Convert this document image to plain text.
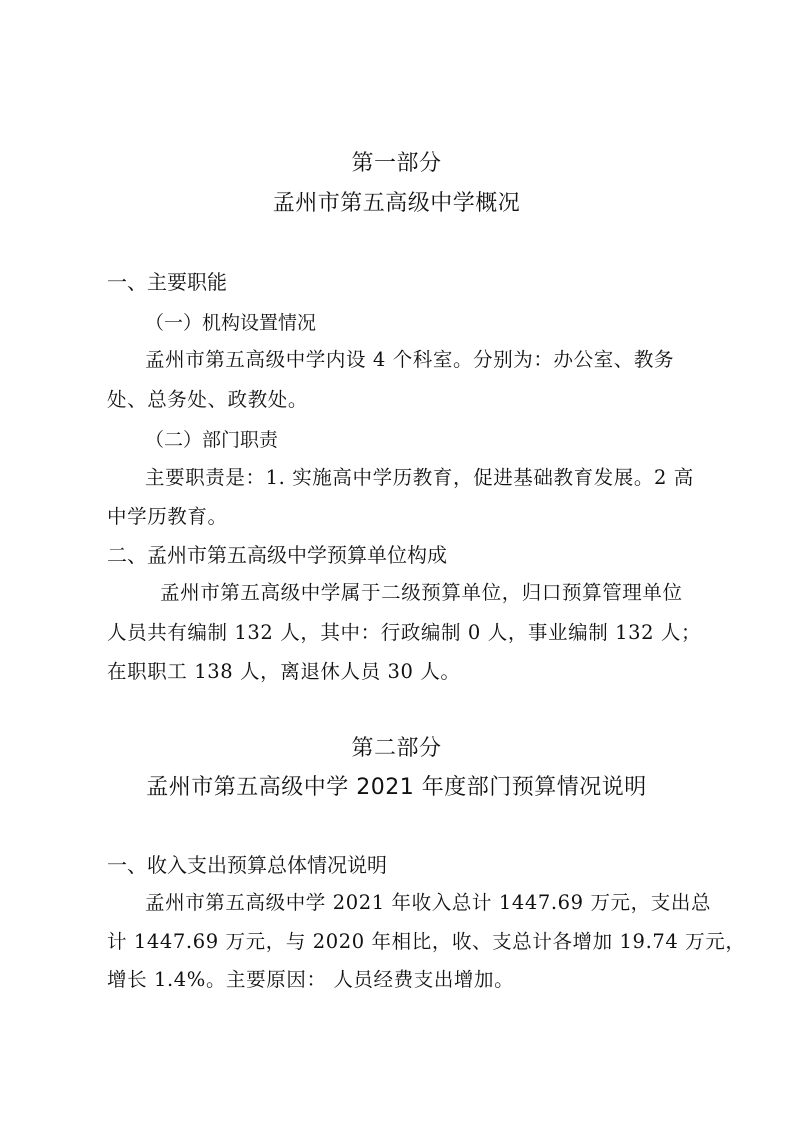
第一部分
孟州市第五高级中学概况
一、主要职能
（一）机构设置情况
孟州市第五高级中学内设 4 个科室。分别为：办公室、教务
处、总务处、政教处。
（二）部门职责
主要职责是：1. 实施高中学历教育，促进基础教育发展。2 高
中学历教育。
二、孟州市第五高级中学预算单位构成
孟州市第五高级中学属于二级预算单位，归口预算管理单位
人员共有编制 132 人，其中：行政编制 0 人，事业编制 132 人；
在职职工 138 人，离退休人员 30 人。
第二部分
孟州市第五高级中学 2021 年度部门预算情况说明
一、收入支出预算总体情况说明
孟州市第五高级中学 2021 年收入总计 1447.69 万元，支出总
计 1447.69 万元，与 2020 年相比，收、支总计各增加 19.74 万元，
增长 1.4%。主要原因： 人员经费支出增加。
